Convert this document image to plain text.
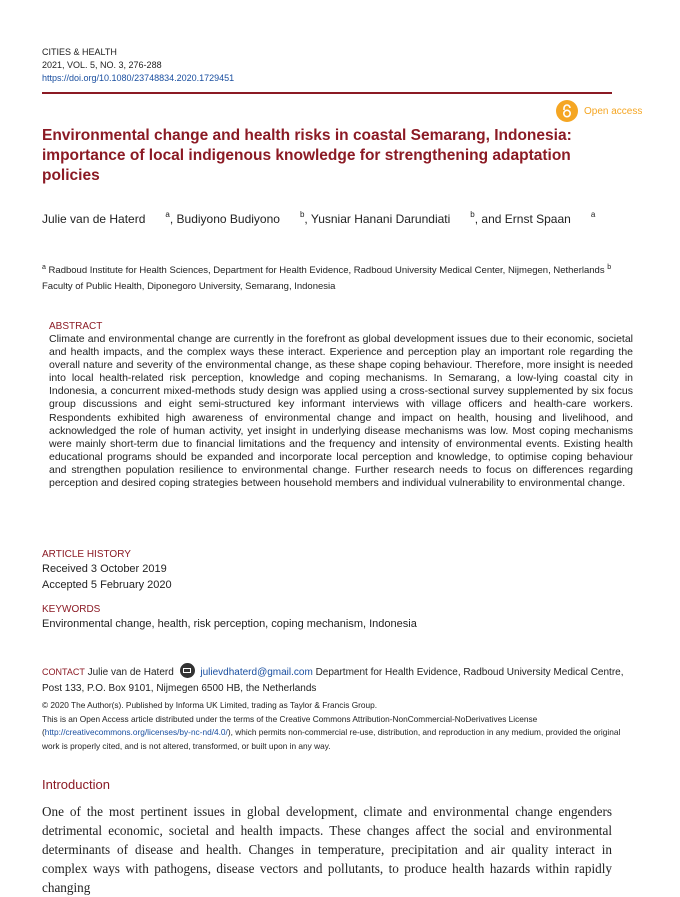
CITIES & HEALTH
2021, VOL. 5, NO. 3, 276-288
https://doi.org/10.1080/23748834.2020.1729451
Open access
Environmental change and health risks in coastal Semarang, Indonesia: importance of local indigenous knowledge for strengthening adaptation policies
Julie van de Haterd	$^a$, Budiyono Budiyono	$^b$, Yusniar Hanani Darundiati	$^b$, and Ernst Spaan	$^a$
$^a$ Radboud Institute for Health Sciences, Department for Health Evidence, Radboud University Medical Center, Nijmegen, Netherlands $^b$ Faculty of Public Health, Diponegoro University, Semarang, Indonesia
ABSTRACT
Climate and environmental change are currently in the forefront as global development issues due to their economic, societal and health impacts, and the complex ways these interact. Experience and perception play an important role regarding the overall nature and severity of the environmental change, as these shape coping behaviour. Therefore, more insight is needed into local health-related risk perception, knowledge and coping mechanisms. In Semarang, a low-lying coastal city in Indonesia, a concurrent mixed-methods study design was applied using a cross-sectional survey supplemented by six focus group discussions and eight semi-structured key informant interviews with village officers and health-care workers. Respondents exhibited high awareness of environmental change and impact on health, housing and livelihood, and acknowledged the role of human activity, yet insight in underlying disease mechanisms was low. Most coping mechanisms were mainly short-term due to financial limitations and the frequency and intensity of environmental events. Existing health educational programs should be expanded and incorporate local perception and knowledge, to optimise coping behaviour and strengthen population resilience to environmental change. Further research needs to focus on differences regarding perception and desired coping strategies between household members and individual vulnerability to environmental change.
ARTICLE HISTORY
Received 3 October 2019
Accepted 5 February 2020
KEYWORDS
Environmental change, health, risk perception, coping mechanism, Indonesia
CONTACT Julie van de Haterd	julievdhaterd@gmail.com Department for Health Evidence, Radboud University Medical Centre, Post 133, P.O. Box 9101, Nijmegen 6500 HB, the Netherlands
© 2020 The Author(s). Published by Informa UK Limited, trading as Taylor & Francis Group.
This is an Open Access article distributed under the terms of the Creative Commons Attribution-NonCommercial-NoDerivatives License (http://creativecommons.org/licenses/by-nc-nd/4.0/), which permits non-commercial re-use, distribution, and reproduction in any medium, provided the original work is properly cited, and is not altered, transformed, or built upon in any way.
Introduction
One of the most pertinent issues in global development, climate and environmental change engenders detrimental economic, societal and health impacts. These changes affect the social and environmental determinants of disease and health. Changes in temperature, precipitation and air quality interact in complex ways with pathogens, disease vectors and pollutants, to produce health hazards within rapidly changing
